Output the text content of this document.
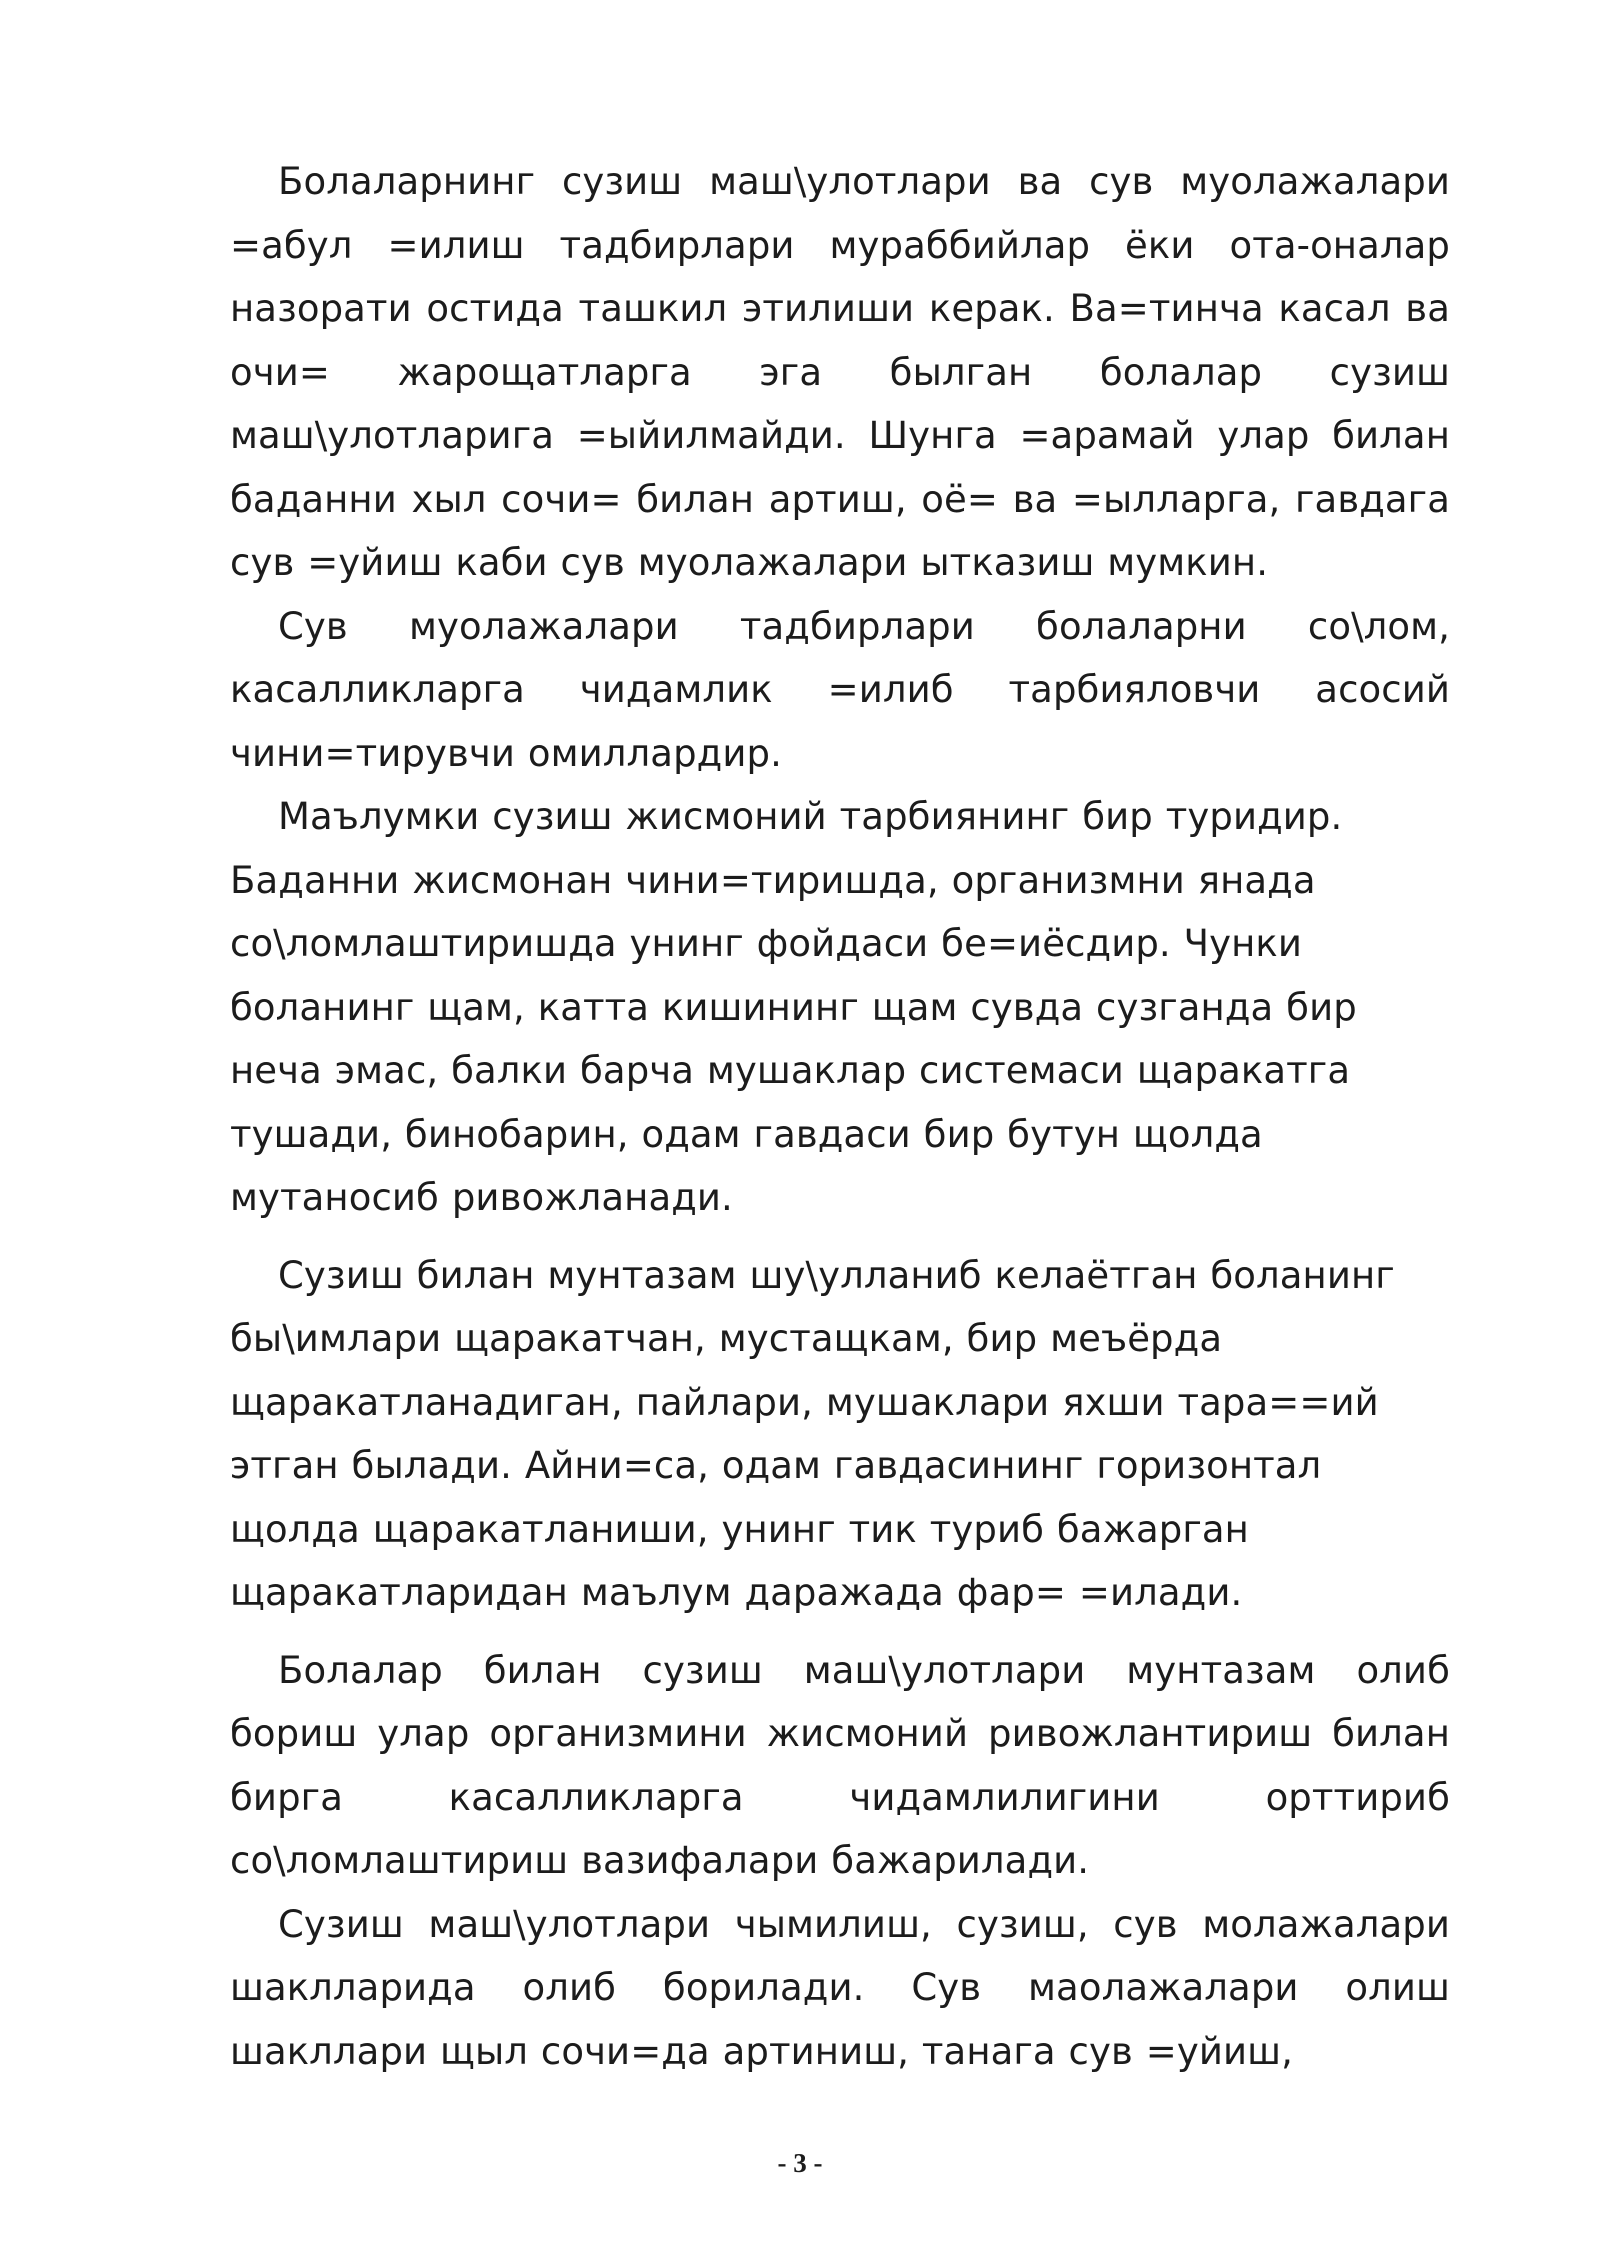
Болаларнинг сузиш маш\улотлари ва сув муолажалари =абул =илиш тадбирлари мураббийлар ёки ота-оналар назорати остида ташкил этилиши керак. Ва=тинча касал ва очи= жарощатларга эга былган болалар сузиш маш\улотларига =ыйилмайди. Шунга =арамай улар билан баданни хыл сочи= билан артиш, оё= ва =ылларга, гавдага сув =уйиш каби сув муолажалари ытказиш мумкин.

Сув муолажалари тадбирлари болаларни со\лом, касалликларга чидамлик =илиб тарбияловчи асосий чини=тирувчи омиллардир.

Маълумки сузиш жисмоний тарбиянинг бир туридир. Баданни жисмонан чини=тиришда, организмни янада со\ломлаштиришда унинг фойдаси бе=иёсдир. Чунки боланинг щам, катта кишининг щам сувда сузганда бир неча эмас, балки барча мушаклар системаси щаракатга тушади, бинобарин, одам гавдаси бир бутун щолда мутаносиб ривожланади.

Сузиш билан мунтазам шу\улланиб келаётган боланинг бы\имлари щаракатчан, мустащкам, бир меъёрда щаракатланадиган, пайлари, мушаклари яхши тара==ий этган былади. Айни=са, одам гавдасининг горизонтал щолда щаракатланиши, унинг тик туриб бажарган щаракатларидан маълум даражада фар= =илади.

Болалар билан сузиш маш\улотлари мунтазам олиб бориш улар организмини жисмоний ривожлантириш билан бирга касалликларга чидамлилигини орттириб со\ломлаштириш вазифалари бажарилади.

Сузиш маш\улотлари чымилиш, сузиш, сув молажалари шаклларида олиб борилади. Сув маолажалари олиш шакллари щыл сочи=да артиниш, танага сув =уйиш,

- 3 -
